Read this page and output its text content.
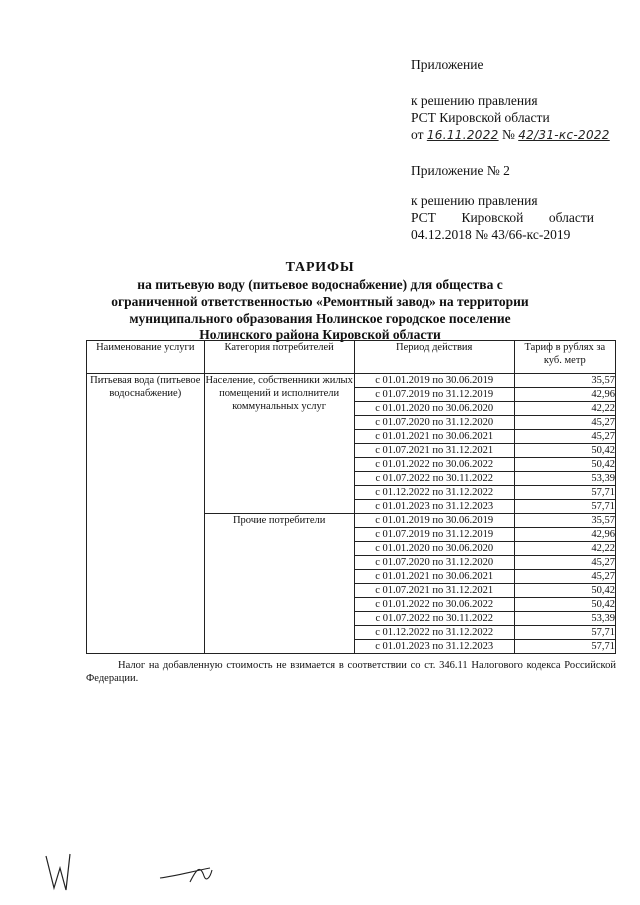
Приложение
к решению правления
РСТ Кировской области
от 16.11.2022 № 42/31-кс-2022
Приложение № 2
к решению правления
РСТ Кировской области
04.12.2018 № 43/66-кс-2019
ТАРИФЫ
на питьевую воду (питьевое водоснабжение) для общества с
ограниченной ответственностью «Ремонтный завод» на территории
муниципального образования Нолинское городское поселение
Нолинского района Кировской области
Наименование услуги	Категория потребителей	Период действия	Тариф в рублях за куб. метр
Питьевая вода (питьевое водоснабжение)	Население, собственники жилых помещений и исполнители коммунальных услуг	с 01.01.2019 по 30.06.2019	35,57
		с 01.07.2019 по 31.12.2019	42,96
		с 01.01.2020 по 30.06.2020	42,22
		с 01.07.2020 по 31.12.2020	45,27
		с 01.01.2021 по 30.06.2021	45,27
		с 01.07.2021 по 31.12.2021	50,42
		с 01.01.2022 по 30.06.2022	50,42
		с 01.07.2022 по 30.11.2022	53,39
		с 01.12.2022 по 31.12.2022	57,71
		с 01.01.2023 по 31.12.2023	57,71
	Прочие потребители	с 01.01.2019 по 30.06.2019	35,57
		с 01.07.2019 по 31.12.2019	42,96
		с 01.01.2020 по 30.06.2020	42,22
		с 01.07.2020 по 31.12.2020	45,27
		с 01.01.2021 по 30.06.2021	45,27
		с 01.07.2021 по 31.12.2021	50,42
		с 01.01.2022 по 30.06.2022	50,42
		с 01.07.2022 по 30.11.2022	53,39
		с 01.12.2022 по 31.12.2022	57,71
		с 01.01.2023 по 31.12.2023	57,71
Налог на добавленную стоимость не взимается в соответствии со ст. 346.11 Налогового кодекса Российской Федерации.
